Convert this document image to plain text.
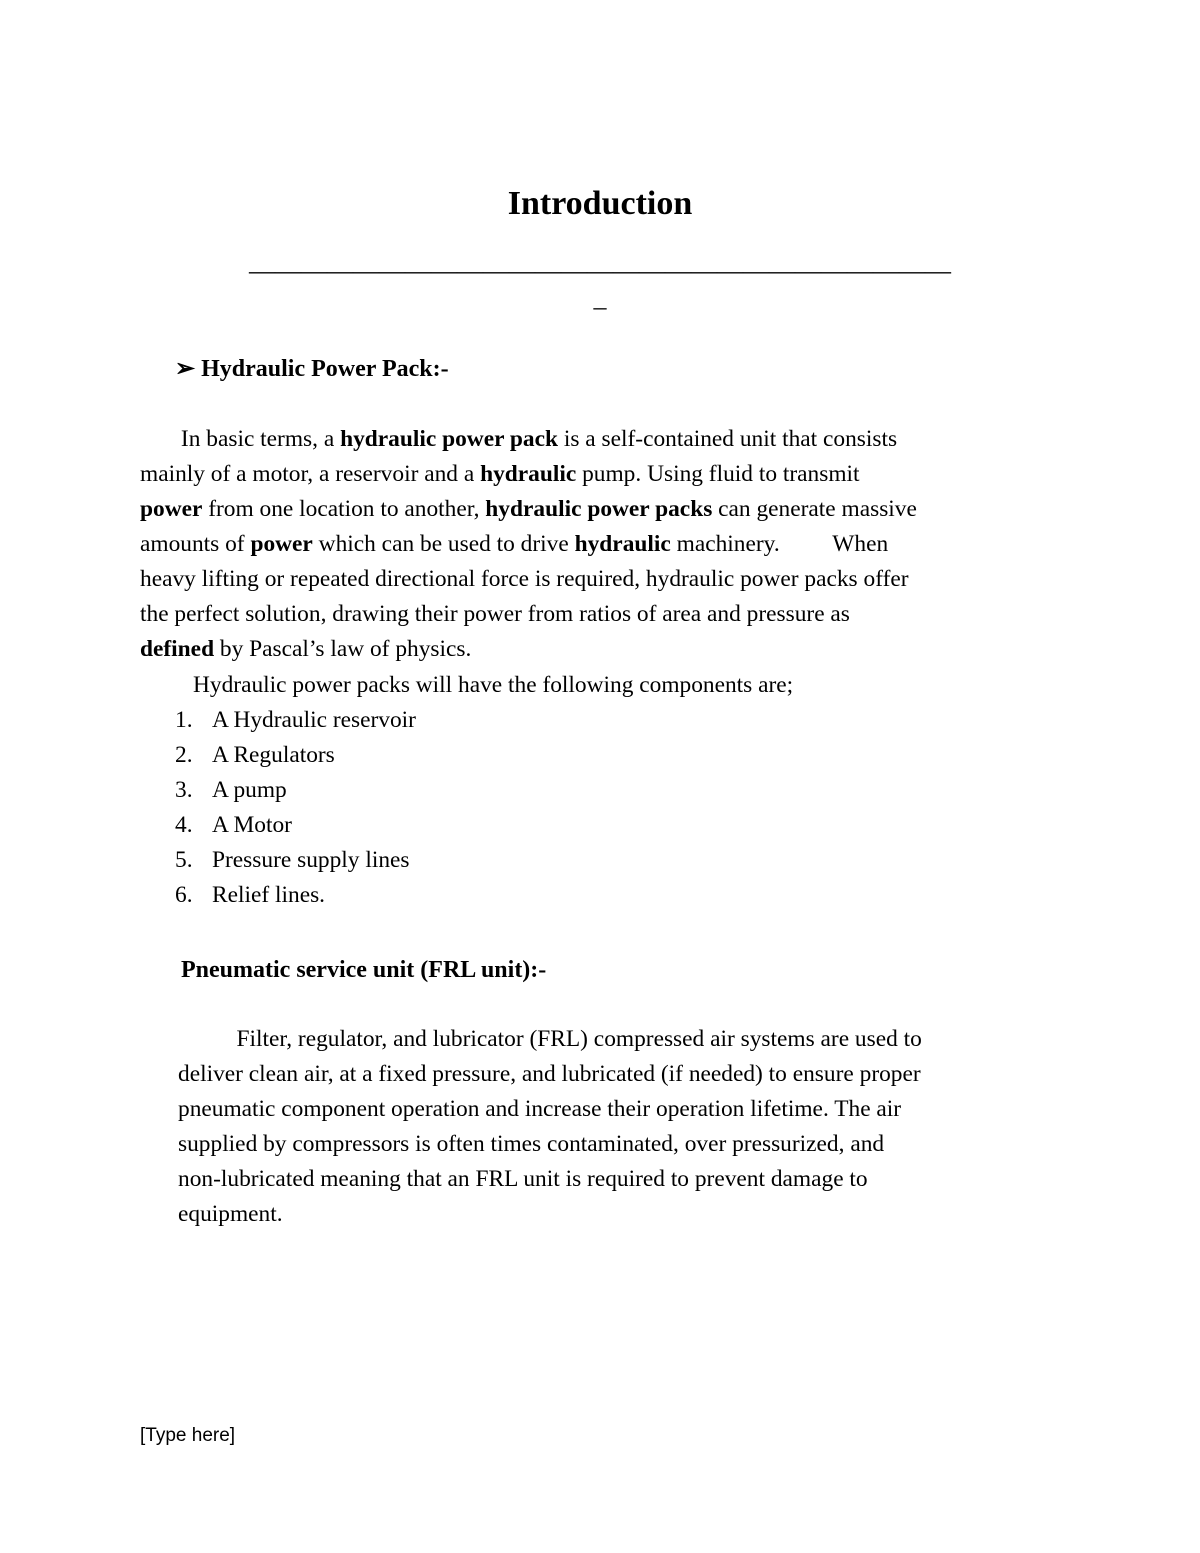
Introduction
———————————————————————————
–
➢ Hydraulic Power Pack:-
In basic terms, a hydraulic power pack is a self-contained unit that consists
mainly of a motor, a reservoir and a hydraulic pump. Using fluid to transmit
power from one location to another, hydraulic power packs can generate massive
amounts of power which can be used to drive hydraulic machinery.         When
heavy lifting or repeated directional force is required, hydraulic power packs offer
the perfect solution, drawing their power from ratios of area and pressure as
defined by Pascal’s law of physics.
Hydraulic power packs will have the following components are;
1. A Hydraulic reservoir
2. A Regulators
3. A pump
4. A Motor
5. Pressure supply lines
6. Relief lines.
Pneumatic service unit (FRL unit):-
Filter, regulator, and lubricator (FRL) compressed air systems are used to
deliver clean air, at a fixed pressure, and lubricated (if needed) to ensure proper
pneumatic component operation and increase their operation lifetime. The air
supplied by compressors is often times contaminated, over pressurized, and
non-lubricated meaning that an FRL unit is required to prevent damage to
equipment.
[Type here]
